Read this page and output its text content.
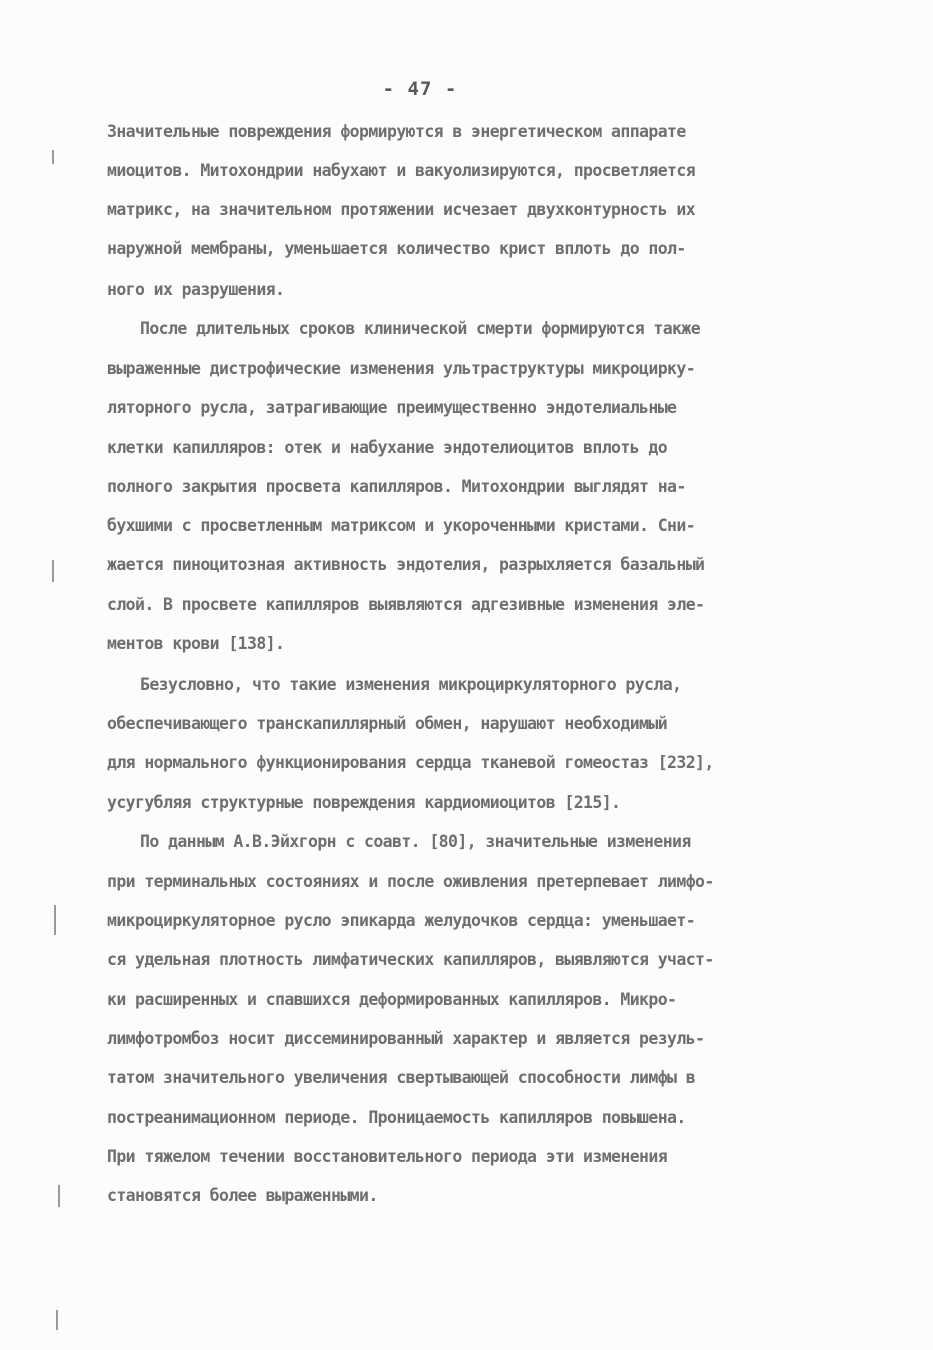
- 47 -
Значительные повреждения формируются в энергетическом аппарате
миоцитов. Митохондрии набухают и вакуолизируются, просветляется
матрикс, на значительном протяжении исчезает двухконтурность их
наружной мембраны, уменьшается количество крист вплоть до пол-
ного их разрушения.
После длительных сроков клинической смерти формируются также
выраженные дистрофические изменения ультраструктуры микроцирку-
ляторного русла, затрагивающие преимущественно эндотелиальные
клетки капилляров: отек и набухание эндотелиоцитов вплоть до
полного закрытия просвета капилляров. Митохондрии выглядят на-
бухшими с просветленным матриксом и укороченными кристами. Сни-
жается пиноцитозная активность эндотелия, разрыхляется базальный
слой. В просвете капилляров выявляются адгезивные изменения эле-
ментов крови [138].
Безусловно, что такие изменения микроциркуляторного русла,
обеспечивающего транскапиллярный обмен, нарушают необходимый
для нормального функционирования сердца тканевой гомеостаз [232],
усугубляя структурные повреждения кардиомиоцитов [215].
По данным А.В.Эйхгорн с соавт. [80], значительные изменения
при терминальных состояниях и после оживления претерпевает лимфо-
микроциркуляторное русло эпикарда желудочков сердца: уменьшает-
ся удельная плотность лимфатических капилляров, выявляются участ-
ки расширенных и спавшихся деформированных капилляров. Микро-
лимфотромбоз носит диссеминированный характер и является резуль-
татом значительного увеличения свертывающей способности лимфы в
постреанимационном периоде. Проницаемость капилляров повышена.
При тяжелом течении восстановительного периода эти изменения
становятся более выраженными.
